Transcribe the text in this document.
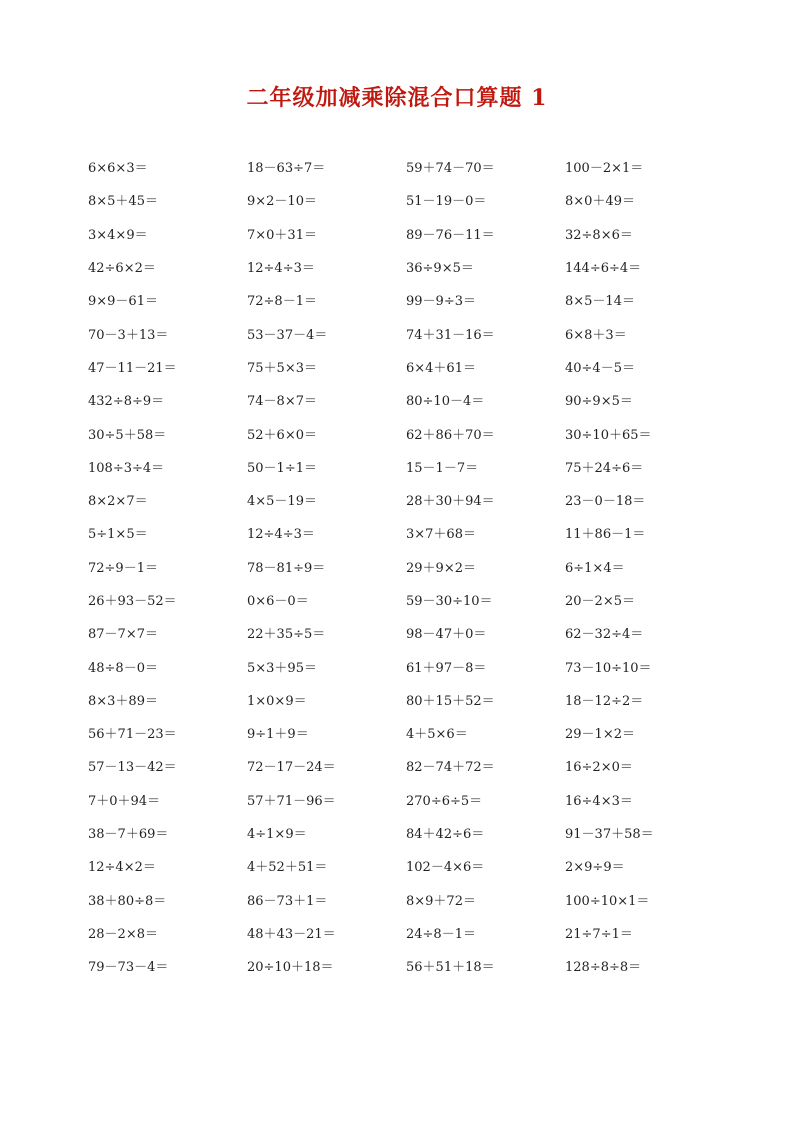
二年级加减乘除混合口算题 1
6×6×3＝	18－63÷7＝	59＋74－70＝	100－2×1＝
8×5＋45＝	9×2－10＝	51－19－0＝	8×0＋49＝
3×4×9＝	7×0＋31＝	89－76－11＝	32÷8×6＝
42÷6×2＝	12÷4÷3＝	36÷9×5＝	144÷6÷4＝
9×9－61＝	72÷8－1＝	99－9÷3＝	8×5－14＝
70－3＋13＝	53－37－4＝	74＋31－16＝	6×8＋3＝
47－11－21＝	75＋5×3＝	6×4＋61＝	40÷4－5＝
432÷8÷9＝	74－8×7＝	80÷10－4＝	90÷9×5＝
30÷5＋58＝	52＋6×0＝	62＋86＋70＝	30÷10＋65＝
108÷3÷4＝	50－1÷1＝	15－1－7＝	75＋24÷6＝
8×2×7＝	4×5－19＝	28＋30＋94＝	23－0－18＝
5÷1×5＝	12÷4÷3＝	3×7＋68＝	11＋86－1＝
72÷9－1＝	78－81÷9＝	29＋9×2＝	6÷1×4＝
26＋93－52＝	0×6－0＝	59－30÷10＝	20－2×5＝
87－7×7＝	22＋35÷5＝	98－47＋0＝	62－32÷4＝
48÷8－0＝	5×3＋95＝	61＋97－8＝	73－10÷10＝
8×3＋89＝	1×0×9＝	80＋15＋52＝	18－12÷2＝
56＋71－23＝	9÷1＋9＝	4＋5×6＝	29－1×2＝
57－13－42＝	72－17－24＝	82－74＋72＝	16÷2×0＝
7＋0＋94＝	57＋71－96＝	270÷6÷5＝	16÷4×3＝
38－7＋69＝	4÷1×9＝	84＋42÷6＝	91－37＋58＝
12÷4×2＝	4＋52＋51＝	102－4×6＝	2×9÷9＝
38＋80÷8＝	86－73＋1＝	8×9＋72＝	100÷10×1＝
28－2×8＝	48＋43－21＝	24÷8－1＝	21÷7÷1＝
79－73－4＝	20÷10＋18＝	56＋51＋18＝	128÷8÷8＝
